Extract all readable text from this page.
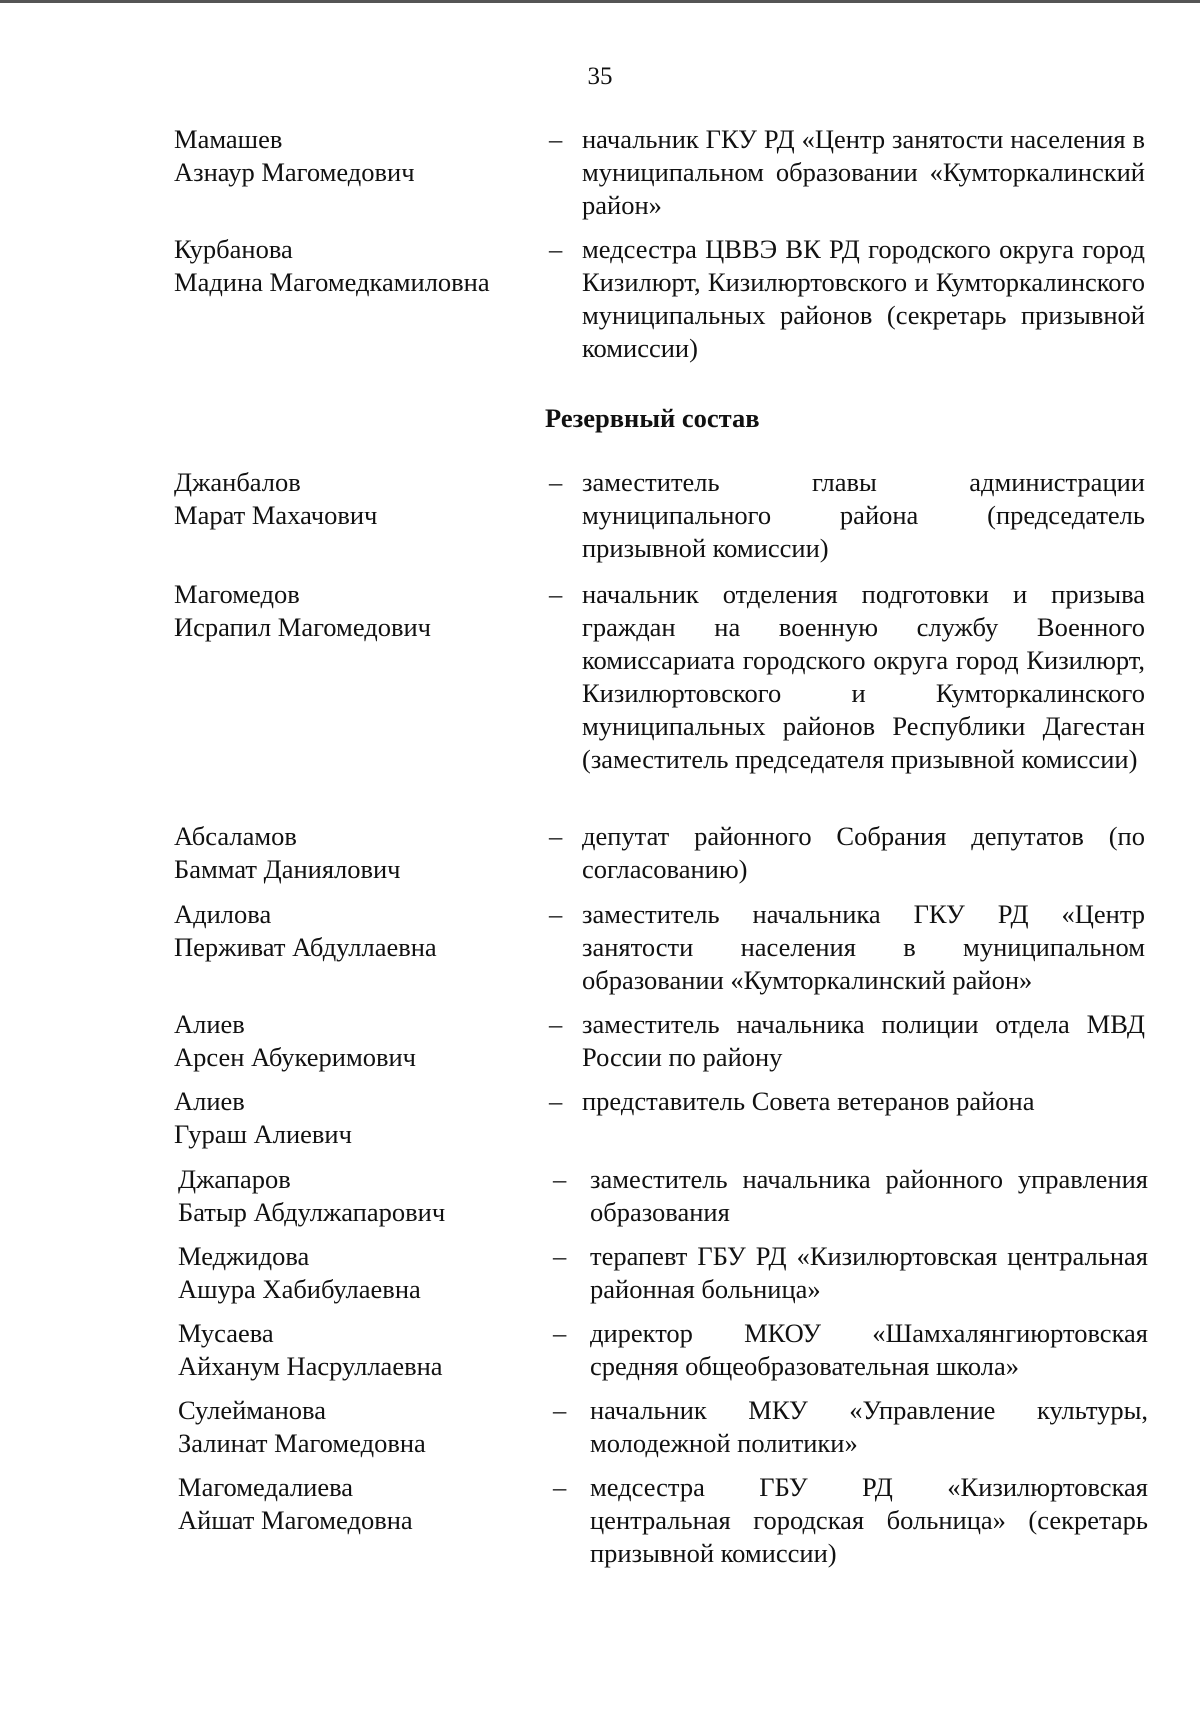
35
Мамашев
Азнаур Магомедович
– начальник ГКУ РД «Центр занятости населения в муниципальном образовании «Кумторкалинский район»
Курбанова
Мадина Магомедкамиловна
– медсестра ЦВВЭ ВК РД городского округа город Кизилюрт, Кизилюртовского и Кумторкалинского муниципальных районов (секретарь призывной комиссии)
Резервный состав
Джанбалов
Марат Махачович
– заместитель главы администрации муниципального района (председатель призывной комиссии)
Магомедов
Исрапил Магомедович
– начальник отделения подготовки и призыва граждан на военную службу Военного комиссариата городского округа город Кизилюрт, Кизилюртовского и Кумторкалинского муниципальных районов Республики Дагестан (заместитель председателя призывной комиссии)
Абсаламов
Баммат Даниялович
– депутат районного Собрания депутатов (по согласованию)
Адилова
Перживат Абдуллаевна
– заместитель начальника ГКУ РД «Центр занятости населения в муниципальном образовании «Кумторкалинский район»
Алиев
Арсен Абукеримович
– заместитель начальника полиции отдела МВД России по району
Алиев
Гураш Алиевич
– представитель Совета ветеранов района
Джапаров
Батыр Абдулжапарович
– заместитель начальника районного управления образования
Меджидова
Ашура Хабибулаевна
– терапевт ГБУ РД «Кизилюртовская центральная районная больница»
Мусаева
Айханум Насруллаевна
– директор МКОУ «Шамхалянгиюртовская средняя общеобразовательная школа»
Сулейманова
Залинат Магомедовна
– начальник МКУ «Управление культуры, молодежной политики»
Магомедалиева
Айшат Магомедовна
– медсестра ГБУ РД «Кизилюртовская центральная городская больница» (секретарь призывной комиссии)
